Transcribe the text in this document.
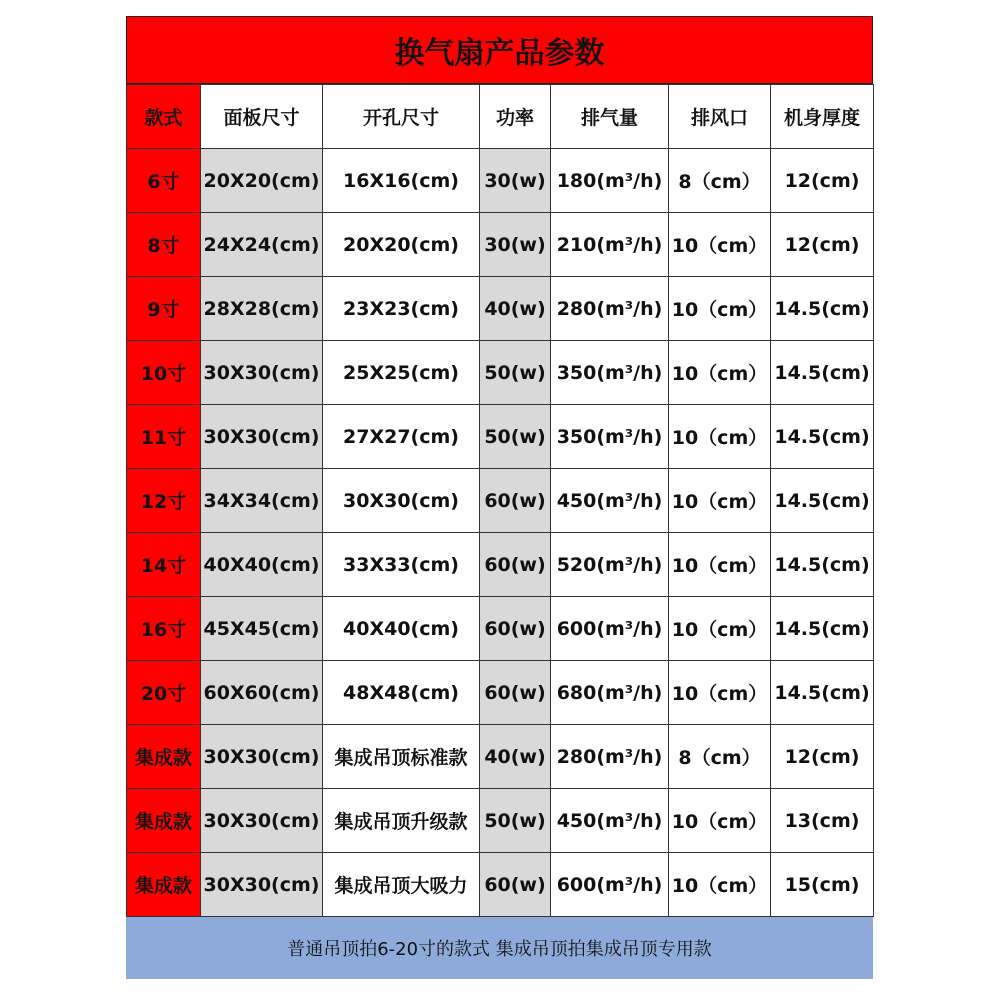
换气扇产品参数
款式	面板尺寸	开孔尺寸	功率	排气量	排风口	机身厚度
6寸	20X20(cm)	16X16(cm)	30(w)	180(m³/h)	8（cm）	12(cm)
8寸	24X24(cm)	20X20(cm)	30(w)	210(m³/h)	10（cm）	12(cm)
9寸	28X28(cm)	23X23(cm)	40(w)	280(m³/h)	10（cm）	14.5(cm)
10寸	30X30(cm)	25X25(cm)	50(w)	350(m³/h)	10（cm）	14.5(cm)
11寸	30X30(cm)	27X27(cm)	50(w)	350(m³/h)	10（cm）	14.5(cm)
12寸	34X34(cm)	30X30(cm)	60(w)	450(m³/h)	10（cm）	14.5(cm)
14寸	40X40(cm)	33X33(cm)	60(w)	520(m³/h)	10（cm）	14.5(cm)
16寸	45X45(cm)	40X40(cm)	60(w)	600(m³/h)	10（cm）	14.5(cm)
20寸	60X60(cm)	48X48(cm)	60(w)	680(m³/h)	10（cm）	14.5(cm)
集成款	30X30(cm)	集成吊顶标准款	40(w)	280(m³/h)	8（cm）	12(cm)
集成款	30X30(cm)	集成吊顶升级款	50(w)	450(m³/h)	10（cm）	13(cm)
集成款	30X30(cm)	集成吊顶大吸力	60(w)	600(m³/h)	10（cm）	15(cm)
普通吊顶拍6-20寸的款式 集成吊顶拍集成吊顶专用款
